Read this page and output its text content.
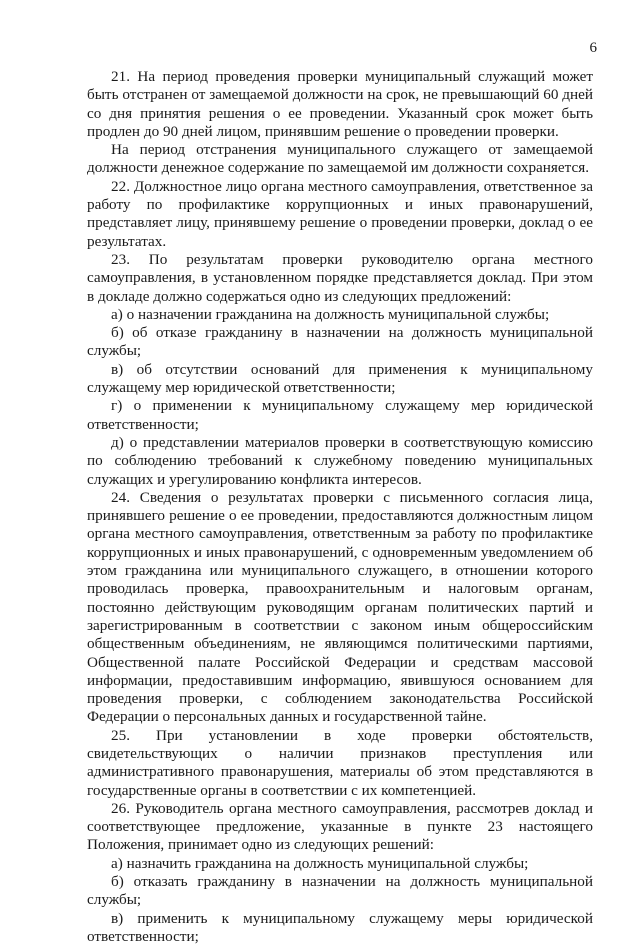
6

21. На период проведения проверки муниципальный служащий может быть отстранен от замещаемой должности на срок, не превышающий 60 дней со дня принятия решения о ее проведении. Указанный срок может быть продлен до 90 дней лицом, принявшим решение о проведении проверки.

На период отстранения муниципального служащего от замещаемой должности денежное содержание по замещаемой им должности сохраняется.

22. Должностное лицо органа местного самоуправления, ответственное за работу по профилактике коррупционных и иных правонарушений, представляет лицу, принявшему решение о проведении проверки, доклад о ее результатах.

23. По результатам проверки руководителю органа местного самоуправления, в установленном порядке представляется доклад. При этом в докладе должно содержаться одно из следующих предложений:

а) о назначении гражданина на должность муниципальной службы;

б) об отказе гражданину в назначении на должность муниципальной службы;

в) об отсутствии оснований для применения к муниципальному служащему мер юридической ответственности;

г) о применении к муниципальному служащему мер юридической ответственности;

д) о представлении материалов проверки в соответствующую комиссию по соблюдению требований к служебному поведению муниципальных служащих и урегулированию конфликта интересов.

24. Сведения о результатах проверки с письменного согласия лица, принявшего решение о ее проведении, предоставляются должностным лицом органа местного самоуправления, ответственным за работу по профилактике коррупционных и иных правонарушений, с одновременным уведомлением об этом гражданина или муниципального служащего, в отношении которого проводилась проверка, правоохранительным и налоговым органам, постоянно действующим руководящим органам политических партий и зарегистрированным в соответствии с законом иным общероссийским общественным объединениям, не являющимся политическими партиями, Общественной палате Российской Федерации и средствам массовой информации, предоставившим информацию, явившуюся основанием для проведения проверки, с соблюдением законодательства Российской Федерации о персональных данных и государственной тайне.

25. При установлении в ходе проверки обстоятельств, свидетельствующих о наличии признаков преступления или административного правонарушения, материалы об этом представляются в государственные органы в соответствии с их компетенцией.

26. Руководитель органа местного самоуправления, рассмотрев доклад и соответствующее предложение, указанные в пункте 23 настоящего Положения, принимает одно из следующих решений:

а) назначить гражданина на должность муниципальной службы;

б) отказать гражданину в назначении на должность муниципальной службы;

в) применить к муниципальному служащему меры юридической ответственности;
